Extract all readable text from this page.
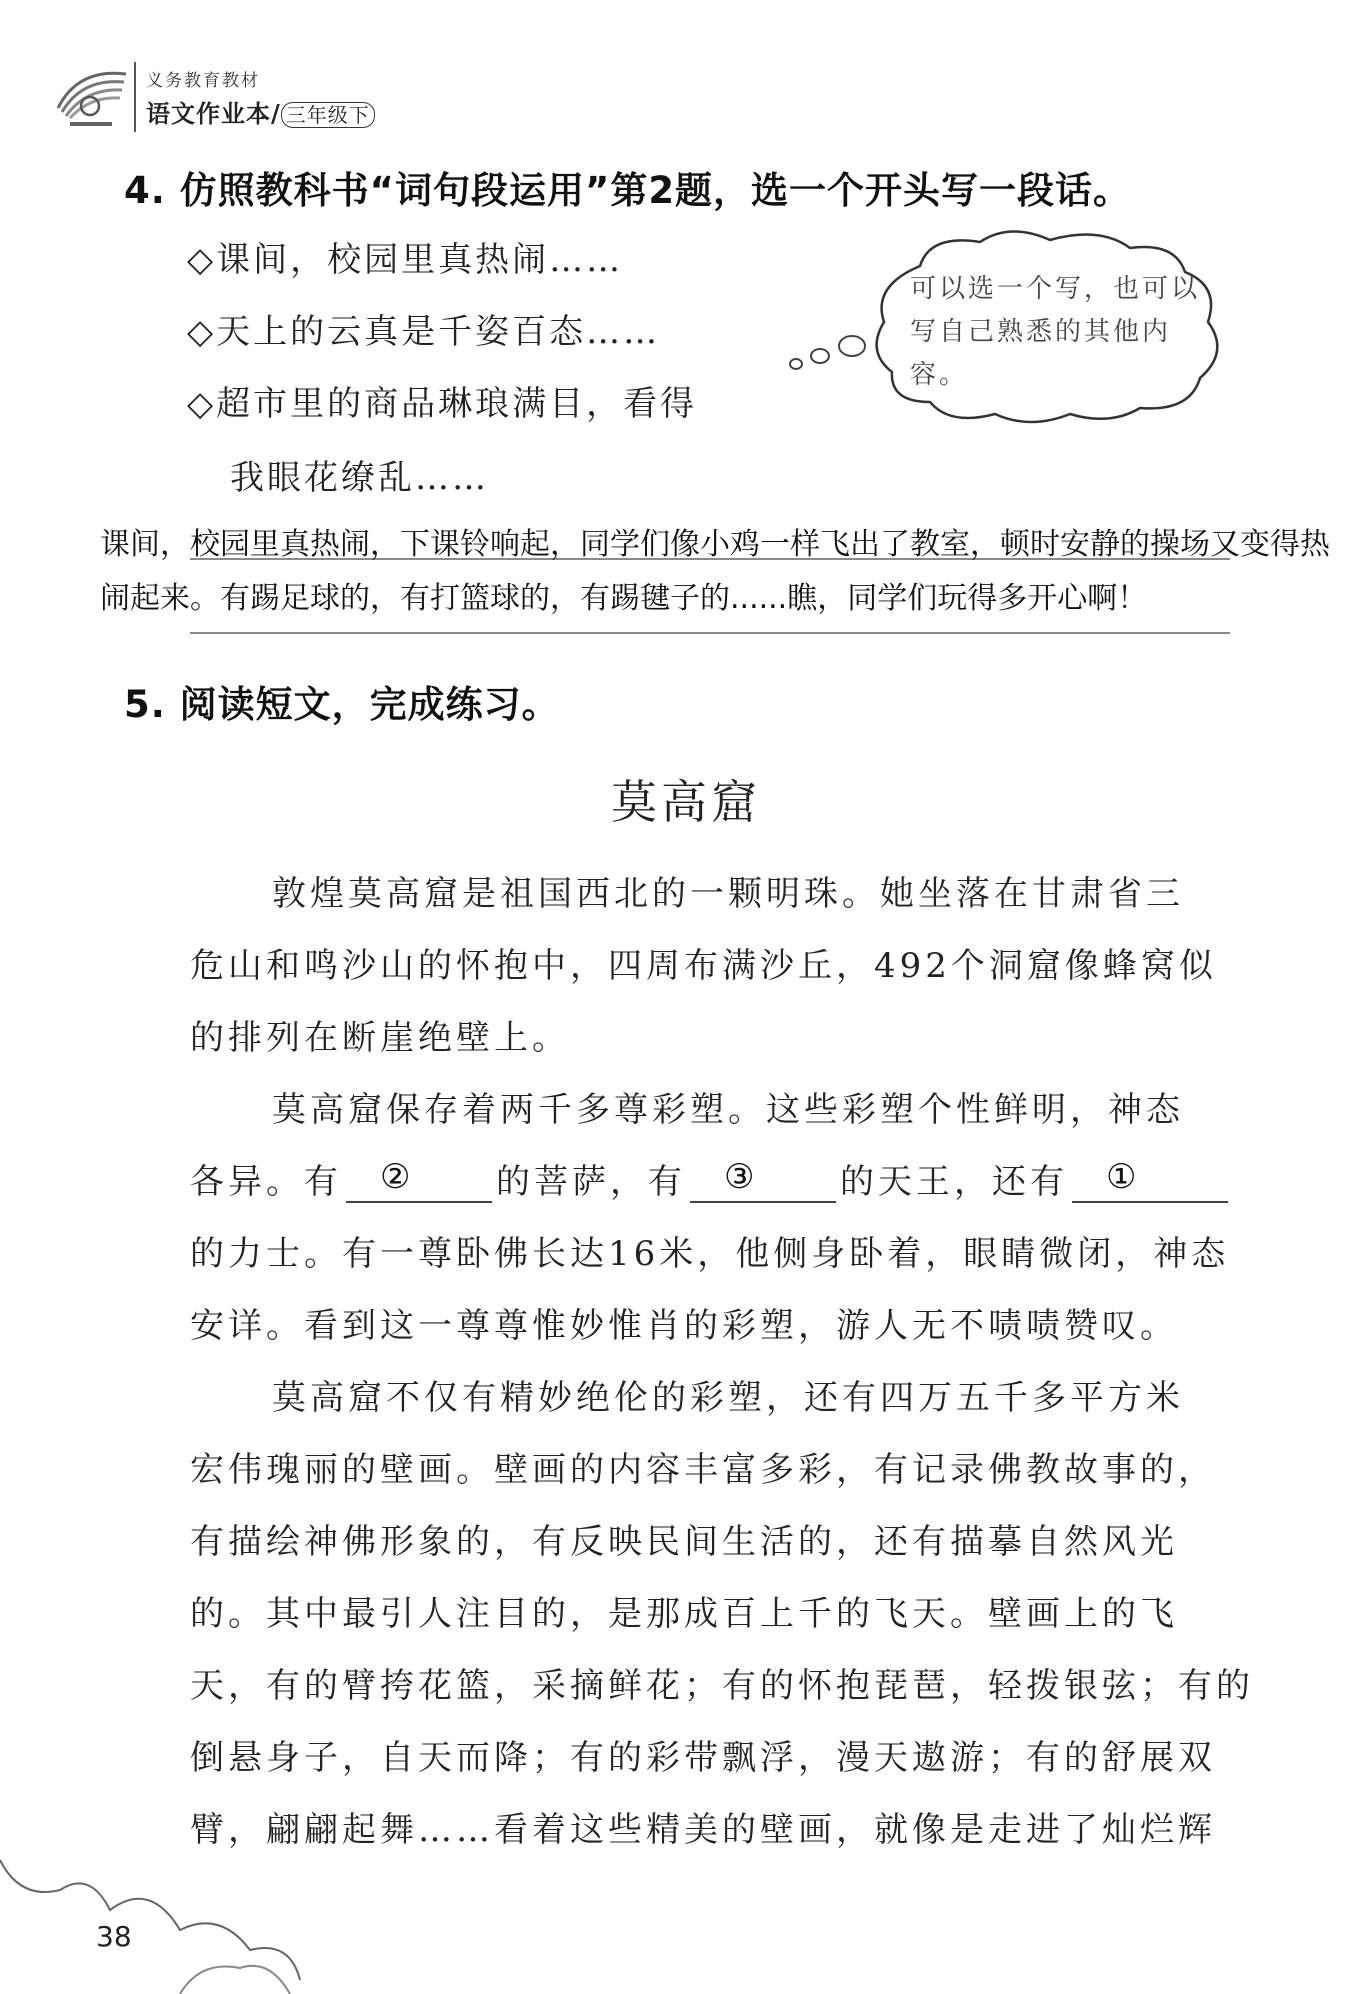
义务教育教材
语文作业本/ 三年级下
4. 仿照教科书“词句段运用”第2题，选一个开头写一段话。
◇课间，校园里真热闹……
◇天上的云真是千姿百态……
◇超市里的商品琳琅满目，看得
我眼花缭乱……
可以选一个写，也可以写自己熟悉的其他内容。
课间，校园里真热闹，下课铃响起，同学们像小鸡一样飞出了教室，顿时安静的操场又变得热闹起来。有踢足球的，有打篮球的，有踢毽子的......瞧，同学们玩得多开心啊！
5. 阅读短文，完成练习。
莫高窟
敦煌莫高窟是祖国西北的一颗明珠。她坐落在甘肃省三
危山和鸣沙山的怀抱中，四周布满沙丘，492个洞窟像蜂窝似
的排列在断崖绝壁上。
莫高窟保存着两千多尊彩塑。这些彩塑个性鲜明，神态
各异。有 ②	的菩萨，有 ③	的天王，还有 ①
的力士。有一尊卧佛长达16米，他侧身卧着，眼睛微闭，神态
安详。看到这一尊尊惟妙惟肖的彩塑，游人无不啧啧赞叹。
莫高窟不仅有精妙绝伦的彩塑，还有四万五千多平方米
宏伟瑰丽的壁画。壁画的内容丰富多彩，有记录佛教故事的，
有描绘神佛形象的，有反映民间生活的，还有描摹自然风光
的。其中最引人注目的，是那成百上千的飞天。壁画上的飞
天，有的臂挎花篮，采摘鲜花；有的怀抱琵琶，轻拨银弦；有的
倒悬身子，自天而降；有的彩带飘浮，漫天遨游；有的舒展双
臂，翩翩起舞……看着这些精美的壁画，就像是走进了灿烂辉
38
